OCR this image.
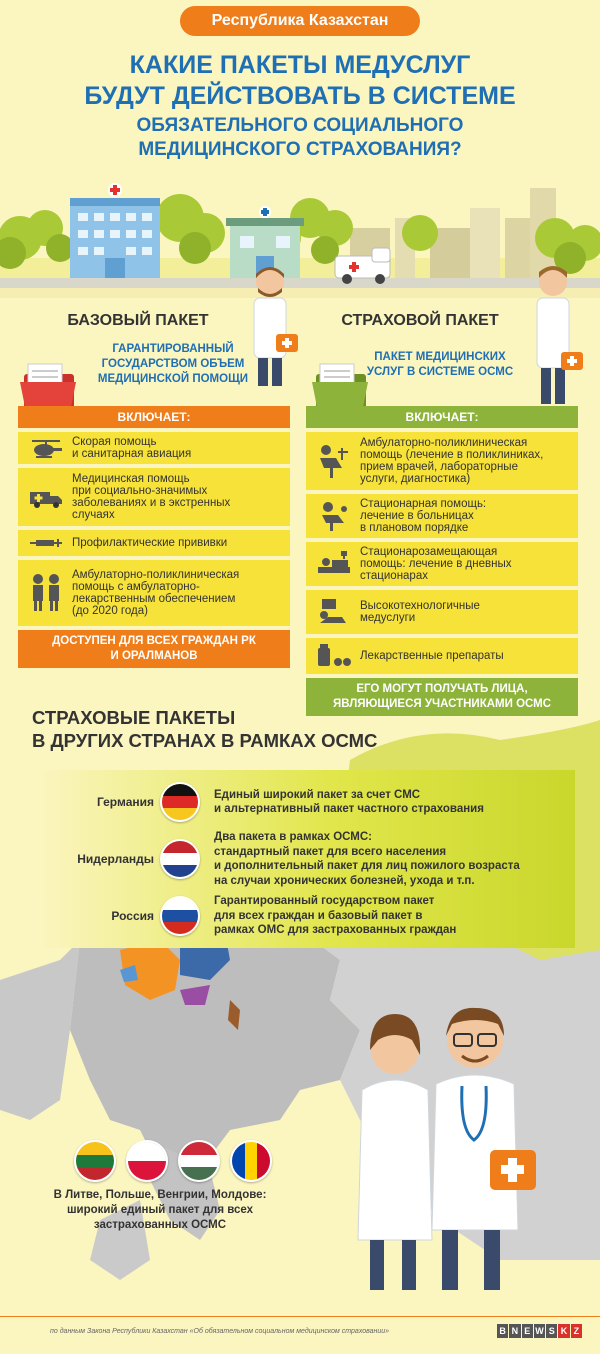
Республика Казахстан
КАКИЕ ПАКЕТЫ МЕДУСЛУГ
БУДУТ ДЕЙСТВОВАТЬ В СИСТЕМЕ
ОБЯЗАТЕЛЬНОГО СОЦИАЛЬНОГО
МЕДИЦИНСКОГО СТРАХОВАНИЯ?
БАЗОВЫЙ ПАКЕТ
ГАРАНТИРОВАННЫЙ
ГОСУДАРСТВОМ ОБЪЕМ
МЕДИЦИНСКОЙ ПОМОЩИ
ВКЛЮЧАЕТ:
Скорая помощь
и санитарная авиация
Медицинская помощь
при социально-значимых
заболеваниях и в экстренных
случаях
Профилактические прививки
Амбулаторно-поликлиническая
помощь с амбулаторно-
лекарственным обеспечением
(до 2020 года)
ДОСТУПЕН ДЛЯ ВСЕХ ГРАЖДАН РК
И ОРАЛМАНОВ
СТРАХОВОЙ ПАКЕТ
ПАКЕТ МЕДИЦИНСКИХ
УСЛУГ В СИСТЕМЕ ОСМС
ВКЛЮЧАЕТ:
Амбулаторно-поликлиническая
помощь (лечение в поликлиниках,
прием врачей, лабораторные
услуги, диагностика)
Стационарная помощь:
лечение в больницах
в плановом порядке
Стационарозамещающая
помощь: лечение в дневных
стационарах
Высокотехнологичные
медуслуги
Лекарственные препараты
ЕГО МОГУТ ПОЛУЧАТЬ ЛИЦА,
ЯВЛЯЮЩИЕСЯ УЧАСТНИКАМИ ОСМС
СТРАХОВЫЕ ПАКЕТЫ
В ДРУГИХ СТРАНАХ В РАМКАХ ОСМС
Германия
Единый широкий пакет за счет СМС
и альтернативный пакет частного страхования
Нидерланды
Два пакета в рамках ОСМС:
стандартный пакет для всего населения
и дополнительный пакет для лиц пожилого возраста
на случаи хронических болезней, ухода и т.п.
Россия
Гарантированный государством пакет
для всех граждан и базовый пакет в
рамках ОМС для застрахованных граждан
В Литве, Польше, Венгрии, Молдове:
широкий единый пакет для всех
застрахованных ОСМС
по данным Закона Республики Казахстан «Об обязательном социальном медицинском страховании»	B N E W S K Z
